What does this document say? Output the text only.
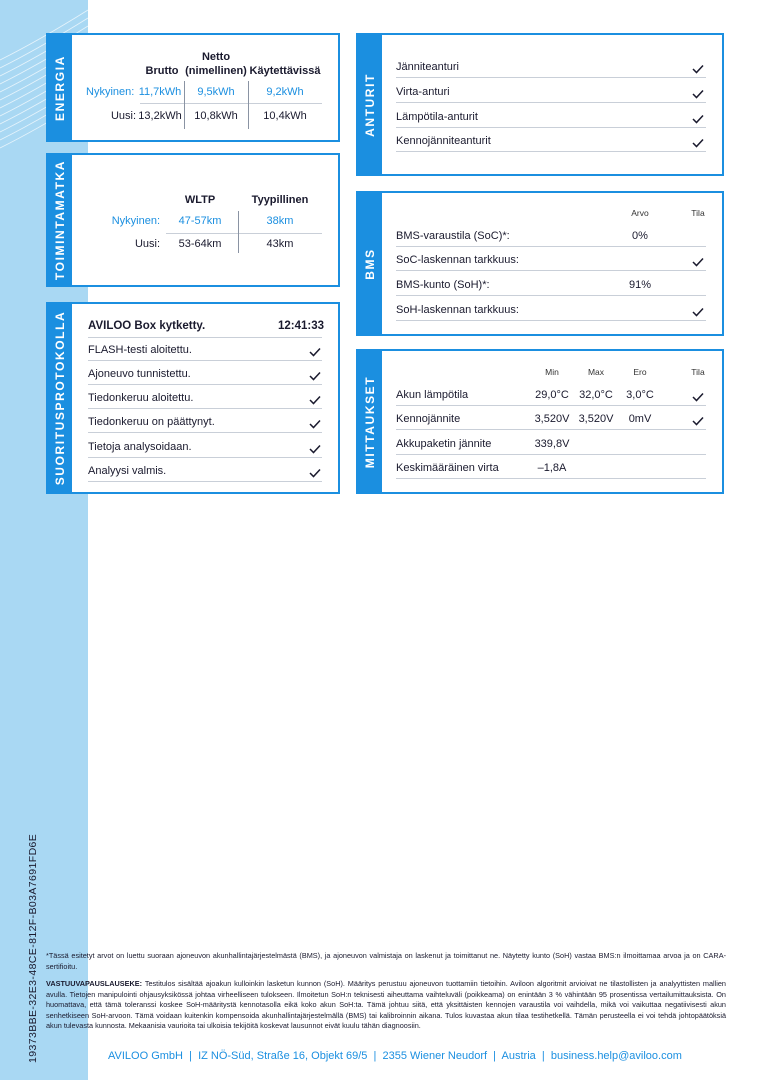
19373BBE-32E3-48CE-812F-B03A7691FD6E
ENERGIA	Brutto
Netto
(nimellinen) Käytettävissä
Nykyinen: 11,7kWh	9,5kWh	9,2kWh
Uusi: 13,2kWh	10,8kWh	10,4kWh
TOIMINTAMATKA	WLTP	Tyypillinen
Nykyinen:	47-57km	38km
Uusi:	53-64km	43km
SUORITUSPROTOKOLLA AVILOO Box kytketty.	12:41:33
FLASH-testi aloitettu.
Ajoneuvo tunnistettu.
Tiedonkeruu aloitettu.
Tiedonkeruu on päättynyt.
Tietoja analysoidaan.
Analyysi valmis.
ANTURIT
Jänniteanturi
Virta-anturi
Lämpötila-anturit
Kennojänniteanturit
BMS
Arvo	Tila
BMS-varaustila (SoC)*:	0%
SoC-laskennan tarkkuus:
BMS-kunto (SoH)*:	91%
SoH-laskennan tarkkuus:
MITTAUKSET
Min	Max	Ero	Tila
Akun lämpötila	29,0°C 32,0°C	3,0°C
Kennojännite	3,520V 3,520V	0mV
Akkupaketin jännite	339,8V
Keskimääräinen virta	–1,8A
*Tässä esitetyt arvot on luettu suoraan ajoneuvon akunhallintajärjestelmästä (BMS), ja ajoneuvon valmistaja on laskenut ja toimittanut ne. Näytetty kunto (SoH) vastaa BMS:n ilmoittamaa arvoa ja on CARA-sertifioitu.
VASTUUVAPAUSLAUSEKE: Testitulos sisältää ajoakun kulloinkin lasketun kunnon (SoH). Määritys perustuu ajoneuvon tuottamiin tietoihin. Aviloon algoritmit arvioivat ne tilastollisten ja analyyttisten mallien avulla. Tietojen manipulointi ohjausyksikössä johtaa virheelliseen tulokseen. Ilmoitetun SoH:n teknisesti aiheuttama vaihteluväli (poikkeama) on enintään 3 % vähintään 95 prosentissa vertailumittauksista. On huomattava, että tämä toleranssi koskee SoH-määritystä kennotasolla eikä koko akun SoH:ta. Tämä johtuu siitä, että yksittäisten kennojen varaustila voi vaihdella, mikä voi vaikuttaa negatiivisesti akun senhetkiseen SoH-arvoon. Tämä voidaan kuitenkin kompensoida akunhallintajärjestelmällä (BMS) tai kalibroinnin aikana. Tulos kuvastaa akun tilaa testihetkellä. Tämän perusteella ei voi tehdä johtopäätöksiä akun tulevasta kunnosta. Mekaanisia vaurioita tai ulkoisia tekijöitä koskevat lausunnot eivät kuulu tähän diagnoosiin.
AVILOO GmbH  |  IZ NÖ-Süd, Straße 16, Objekt 69/5  |  2355 Wiener Neudorf  |  Austria  |  business.help@aviloo.com
